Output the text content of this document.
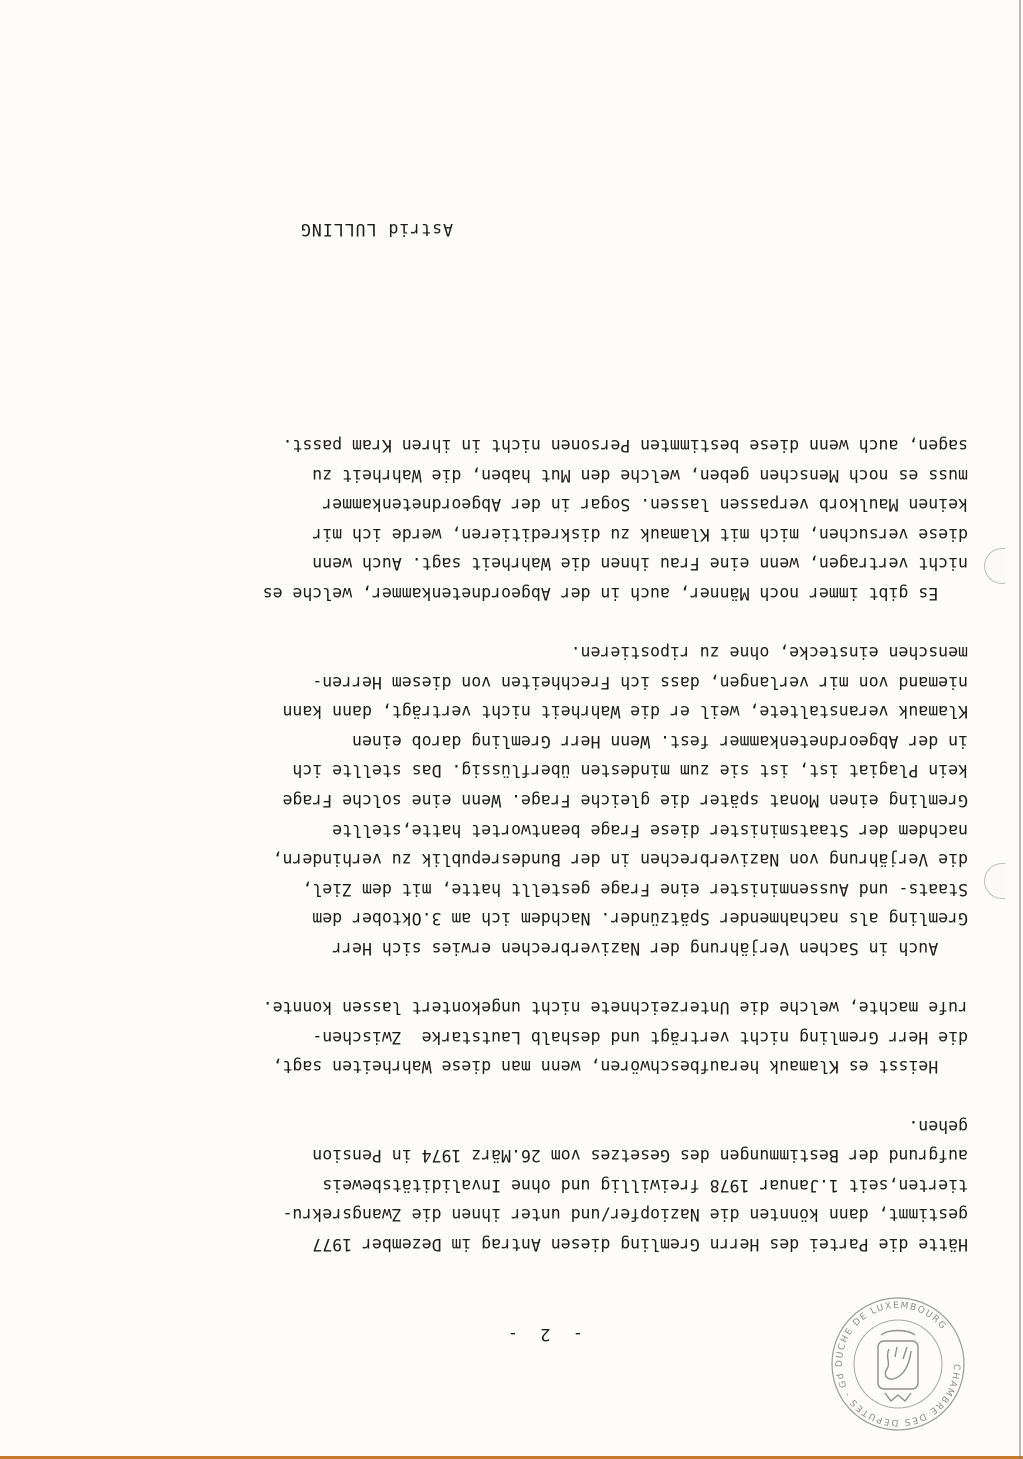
CHAMBRE DES DEPUTES · Gd DUCHE DE LUXEMBOURG
- 2 -
Hätte die Partei des Herrn Gremling diesen Antrag im Dezember 1977
gestimmt, dann könnten die Naziopfer/und unter ihnen die Zwangsrekru-
tierten,seit 1.Januar 1978 freiwillig und ohne Invaliditätsbeweis
aufgrund der Bestimmungen des Gesetzes vom 26.März 1974 in Pension
gehen.
Heisst es Klamauk heraufbeschwören, wenn man diese Wahrheiten sagt,
die Herr Gremling nicht verträgt und deshalb Lautstarke  Zwischen-
rufe machte, welche die Unterzeichnete nicht ungekontert lassen konnte.
Auch in Sachen Verjährung der Naziverbrechen erwies sich Herr
Gremling als nachahmender Spätzünder. Nachdem ich am 3.Oktober dem
Staats- und Aussenminister eine Frage gestellt hatte, mit dem Ziel,
die Verjährung von Naziverbrechen in der Bundesrepublik zu verhindern,
nachdem der Staatsminister diese Frage beantwortet hatte,stellte
Gremling einen Monat später die gleiche Frage. Wenn eine solche Frage
kein Plagiat ist, ist sie zum mindesten überflüssig. Das stellte ich
in der Abgeordnetenkammer fest. Wenn Herr Gremling darob einen
Klamauk veranstaltete, weil er die Wahrheit nicht verträgt, dann kann
niemand von mir verlangen, dass ich Frechheiten von diesem Herren-
menschen einstecke, ohne zu ripostieren.
Es gibt immer noch Männer, auch in der Abgeordnetenkammer, welche es
nicht vertragen, wenn eine Frau ihnen die Wahrheit sagt. Auch wenn
diese versuchen, mich mit Klamauk zu diskreditieren, werde ich mir
keinen Maulkorb verpassen lassen. Sogar in der Abgeordnetenkammer
muss es noch Menschen geben, welche den Mut haben, die Wahrheit zu
sagen, auch wenn diese bestimmten Personen nicht in ihren Kram passt.
Astrid LULLING
